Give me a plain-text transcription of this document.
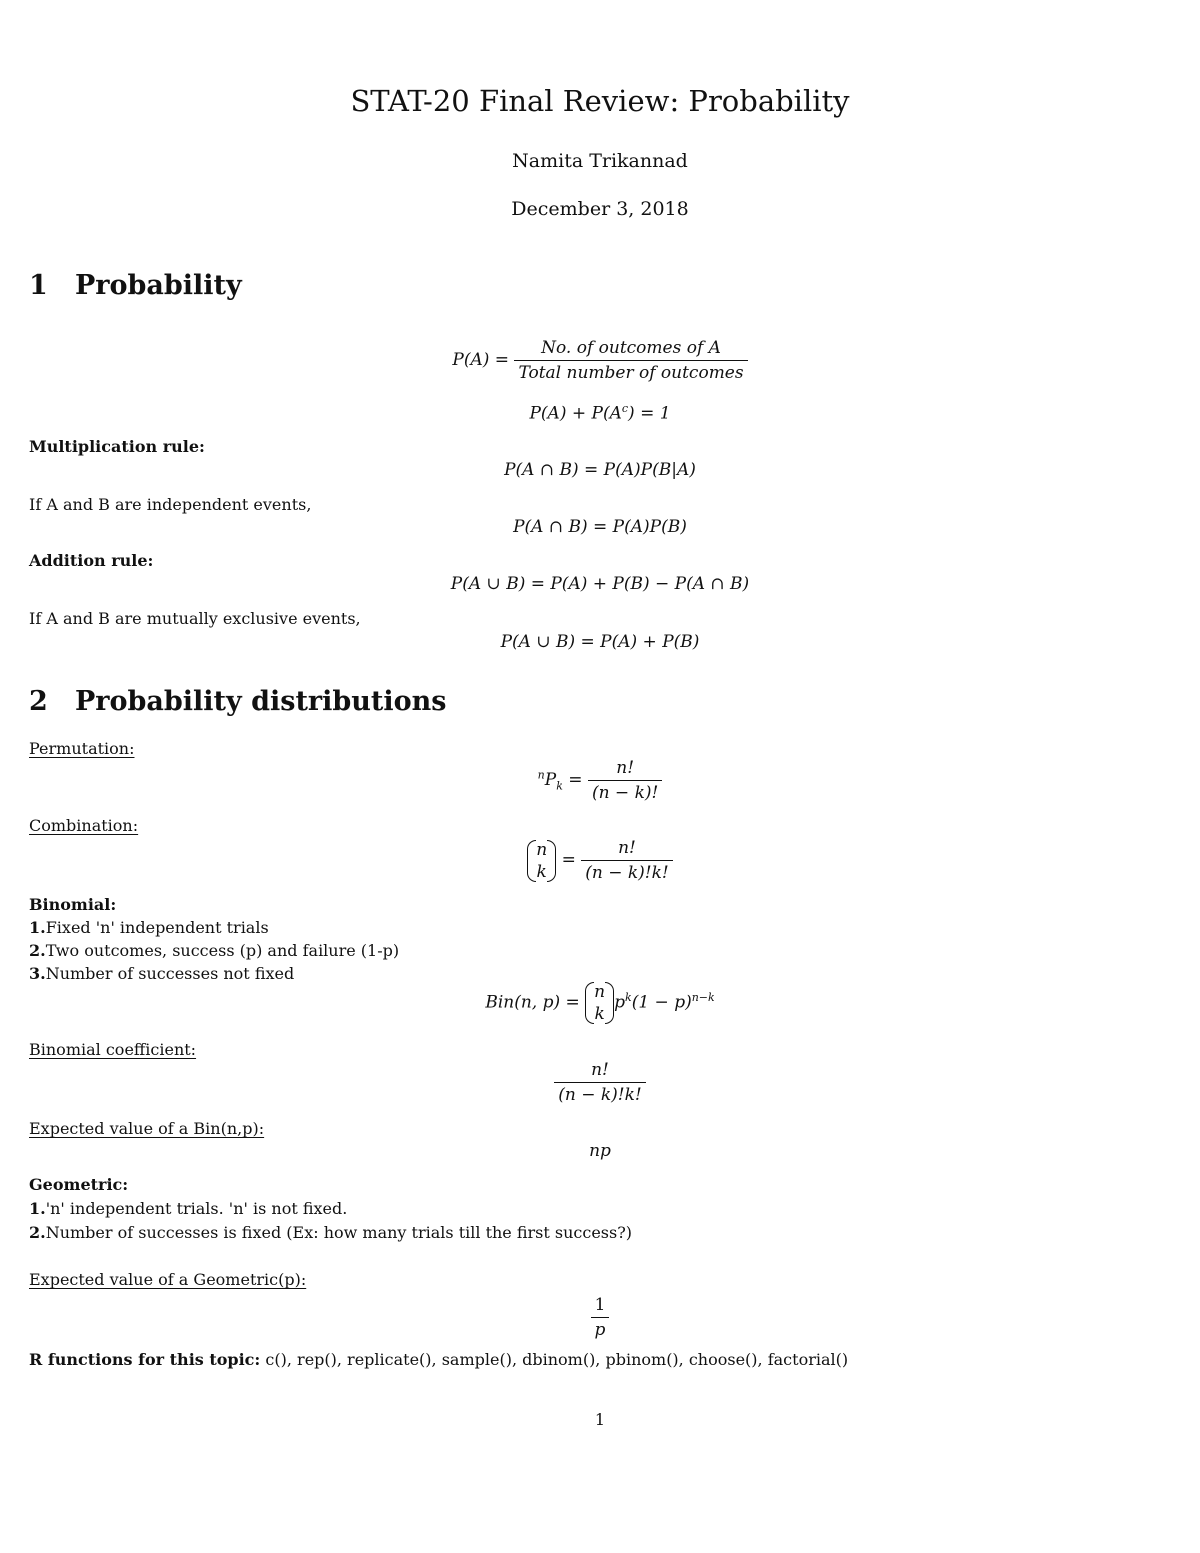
STAT-20 Final Review: Probability
Namita Trikannad
December 3, 2018
1 Probability
$P(A) = \frac{\text{No. of outcomes of A}}{\text{Total number of outcomes}}$
$P(A) + P(A^c) = 1$
Multiplication rule:
P(A ∩ B) = P(A)P(B|A)
If A and B are independent events,
P(A ∩ B) = P(A)P(B)
Addition rule:
P(A ∪ B) = P(A) + P(B) − P(A ∩ B)
If A and B are mutually exclusive events,
P(A ∪ B) = P(A) + P(B)
2 Probability distributions
Permutation:
$^nP_k = \frac{n!}{(n - k)!}$
Combination:
n
k
= $\frac{n!}{(n - k)!k!}$
Binomial:
1.Fixed 'n' independent trials
2.Two outcomes, success (p) and failure (1-p)
3.Number of successes not fixed
Bin(n, p) =
n
k
$p^k(1 - p)^{n-k}$
Binomial coefficient:
$\frac{n!}{(n - k)!k!}$
Expected value of a Bin(n,p):
np
Geometric:
1.'n' independent trials. 'n' is not fixed.
2.Number of successes is fixed (Ex: how many trials till the first success?)
Expected value of a Geometric(p):
$\frac{1}{p}$
R functions for this topic: c(), rep(), replicate(), sample(), dbinom(), pbinom(), choose(), factorial()
1
